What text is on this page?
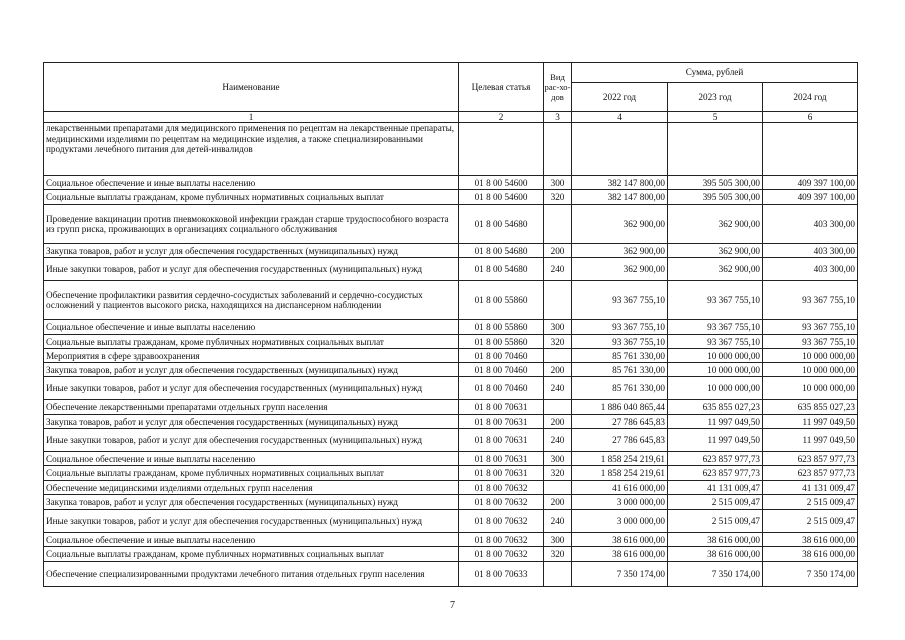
Наименование	Целевая статья	Вид рас-хо-дов	Сумма, рублей		
			2022 год	2023 год	2024 год
1	2	3	4	5	6
лекарственными препаратами для медицинского применения по рецептам на лекарственные препараты, медицинскими изделиями по рецептам на медицинские изделия, а также специализированными продуктами лечебного питания для детей-инвалидов					
Социальное обеспечение и иные выплаты населению	01 8 00 54600	300	382 147 800,00	395 505 300,00	409 397 100,00
Социальные выплаты гражданам, кроме публичных нормативных социальных выплат	01 8 00 54600	320	382 147 800,00	395 505 300,00	409 397 100,00
Проведение вакцинации против пневмококковой инфекции граждан старше трудоспособного возраста из групп риска, проживающих в организациях социального обслуживания	01 8 00 54680		362 900,00	362 900,00	403 300,00
Закупка товаров, работ и услуг для обеспечения государственных (муниципальных) нужд	01 8 00 54680	200	362 900,00	362 900,00	403 300,00
Иные закупки товаров, работ и услуг для обеспечения государственных (муниципальных) нужд	01 8 00 54680	240	362 900,00	362 900,00	403 300,00
Обеспечение профилактики развития сердечно-сосудистых заболеваний и сердечно-сосудистых осложнений у пациентов высокого риска, находящихся на диспансерном наблюдении	01 8 00 55860		93 367 755,10	93 367 755,10	93 367 755,10
Социальное обеспечение и иные выплаты населению	01 8 00 55860	300	93 367 755,10	93 367 755,10	93 367 755,10
Социальные выплаты гражданам, кроме публичных нормативных социальных выплат	01 8 00 55860	320	93 367 755,10	93 367 755,10	93 367 755,10
Мероприятия в сфере здравоохранения	01 8 00 70460		85 761 330,00	10 000 000,00	10 000 000,00
Закупка товаров, работ и услуг для обеспечения государственных (муниципальных) нужд	01 8 00 70460	200	85 761 330,00	10 000 000,00	10 000 000,00
Иные закупки товаров, работ и услуг для обеспечения государственных (муниципальных) нужд	01 8 00 70460	240	85 761 330,00	10 000 000,00	10 000 000,00
Обеспечение лекарственными препаратами отдельных групп населения	01 8 00 70631		1 886 040 865,44	635 855 027,23	635 855 027,23
Закупка товаров, работ и услуг для обеспечения государственных (муниципальных) нужд	01 8 00 70631	200	27 786 645,83	11 997 049,50	11 997 049,50
Иные закупки товаров, работ и услуг для обеспечения государственных (муниципальных) нужд	01 8 00 70631	240	27 786 645,83	11 997 049,50	11 997 049,50
Социальное обеспечение и иные выплаты населению	01 8 00 70631	300	1 858 254 219,61	623 857 977,73	623 857 977,73
Социальные выплаты гражданам, кроме публичных нормативных социальных выплат	01 8 00 70631	320	1 858 254 219,61	623 857 977,73	623 857 977,73
Обеспечение медицинскими изделиями отдельных групп населения	01 8 00 70632		41 616 000,00	41 131 009,47	41 131 009,47
Закупка товаров, работ и услуг для обеспечения государственных (муниципальных) нужд	01 8 00 70632	200	3 000 000,00	2 515 009,47	2 515 009,47
Иные закупки товаров, работ и услуг для обеспечения государственных (муниципальных) нужд	01 8 00 70632	240	3 000 000,00	2 515 009,47	2 515 009,47
Социальное обеспечение и иные выплаты населению	01 8 00 70632	300	38 616 000,00	38 616 000,00	38 616 000,00
Социальные выплаты гражданам, кроме публичных нормативных социальных выплат	01 8 00 70632	320	38 616 000,00	38 616 000,00	38 616 000,00
Обеспечение специализированными продуктами лечебного питания отдельных групп населения	01 8 00 70633		7 350 174,00	7 350 174,00	7 350 174,00
7
